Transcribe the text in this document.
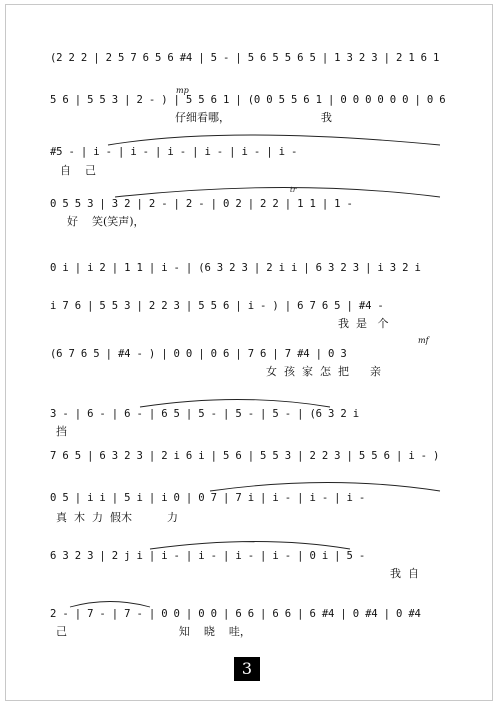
(2 2 2 | 2 5 7 6 5 6 #4 | 5 - | 5 6 5 5 6 5 | 1 3 2 3 | 2 1 6 1
5 6 | 5 5 3 | 2 - ) | 5 5 6 1 | (0 0 5 5 6 1 | 0 0 0 0 0 0 | 0 6
#5 - | i - | i - | i - | i - | i - | i -
0 5 5 3 | 3 2 | 2 - | 2 - | 0 2 | 2 2 | 1 1 | 1 -
0 i | i 2 | 1 1 | i - | (6 3 2 3 | 2 i i | 6 3 2 3 | i 3 2 i
i 7 6 | 5 5 3 | 2 2 3 | 5 5 6 | i - ) | 6 7 6 5 | #4 -
(6 7 6 5 | #4 - ) | 0 0 | 0 6 | 7 6 | 7 #4 | 0 3
3 - | 6 - | 6 - | 6 5 | 5 - | 5 - | 5 - | (6 3 2 i
7 6 5 | 6 3 2 3 | 2 i 6 i | 5 6 | 5 5 3 | 2 2 3 | 5 5 6 | i - )
0 5 | i i | 5 i | i 0 | 0 7 | 7 i | i - | i - | i -
6 3 2 3 | 2 j i | i - | i - | i - | i - | 0 i | 5 -
2 - | 7 - | 7 - | 0 0 | 0 0 | 6 6 | 6 6 | 6 #4 | 0 #4 | 0 #4
仔细看哪，                          我
自    己
好    笑(笑声)，
我  是   个
女  孩  家  怎  把      亲
挡
真  木  力  假木          力
我  自
己                                知    晓    哇，
mp
tr
mf
3
